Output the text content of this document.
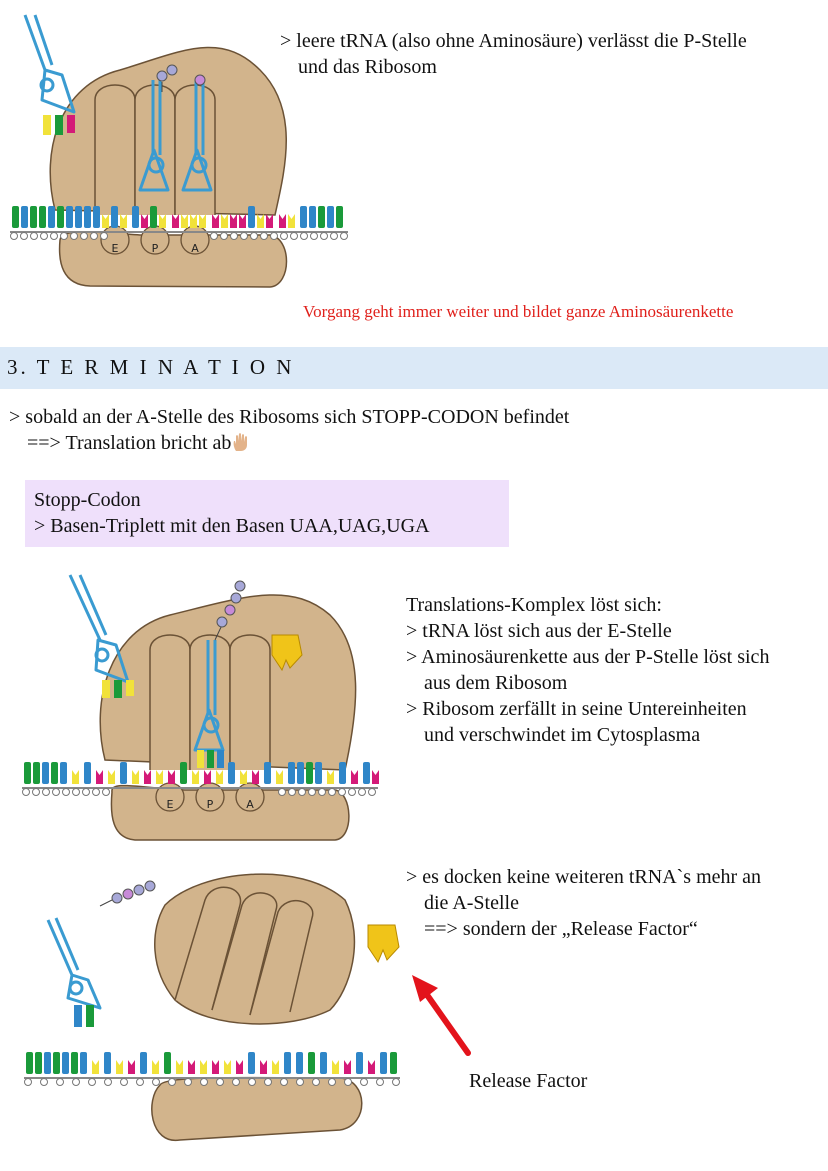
E	P	A
E	P	A
> leere tRNA (also ohne Aminosäure) verlässt die P-Stelle
und das Ribosom
Vorgang geht immer weiter und bildet ganze Aminosäurenkette
3. T E R M I N A T I O N
> sobald an der A-Stelle des Ribosoms sich STOPP-CODON befindet
==> Translation bricht ab
Stopp-Codon
> Basen-Triplett mit den Basen UAA,UAG,UGA
Translations-Komplex löst sich:
> tRNA löst sich aus der E-Stelle
> Aminosäurenkette aus der P-Stelle löst sich
aus dem Ribosom
> Ribosom zerfällt in seine Untereinheiten
und verschwindet im Cytosplasma
> es docken keine weiteren tRNA`s mehr an
die A-Stelle
==> sondern der „Release Factor“
Release Factor
